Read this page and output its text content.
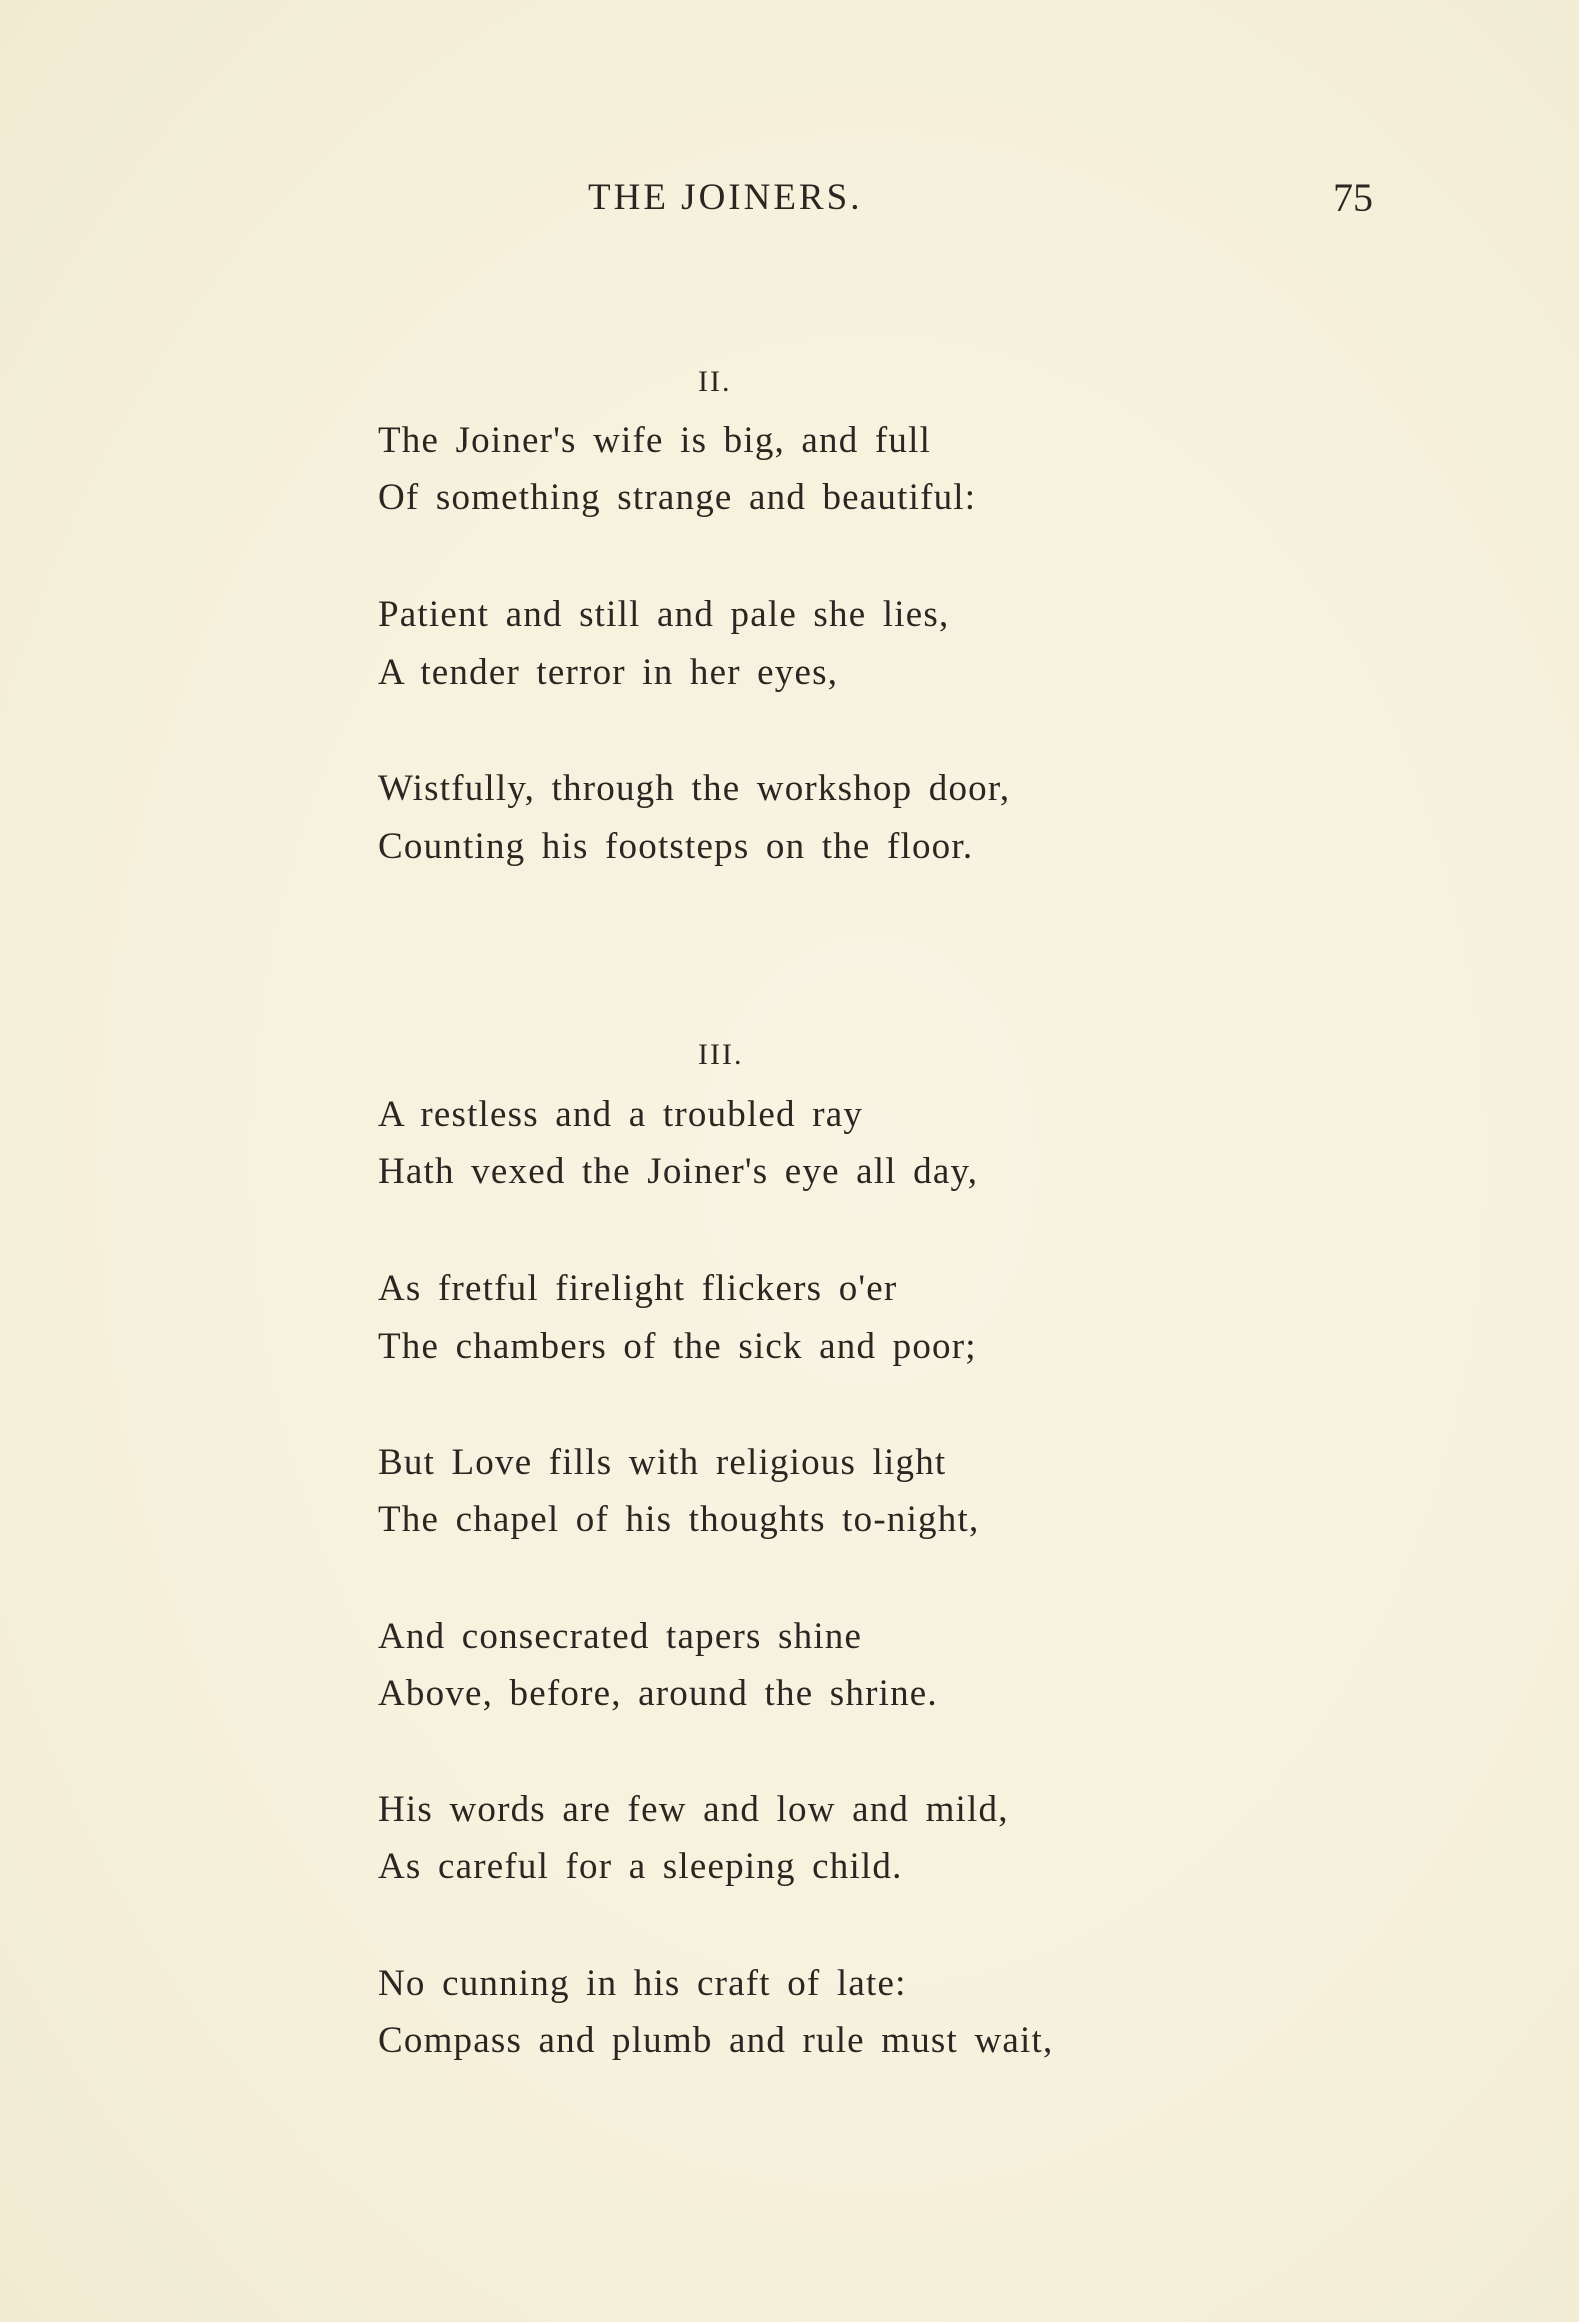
THE JOINERS.	75
II.
The Joiner's wife is big, and full
Of something strange and beautiful:
Patient and still and pale she lies,
A tender terror in her eyes,
Wistfully, through the workshop door,
Counting his footsteps on the floor.
III.
A restless and a troubled ray
Hath vexed the Joiner's eye all day,
As fretful firelight flickers o'er
The chambers of the sick and poor;
But Love fills with religious light
The chapel of his thoughts to-night,
And consecrated tapers shine
Above, before, around the shrine.
His words are few and low and mild,
As careful for a sleeping child.
No cunning in his craft of late:
Compass and plumb and rule must wait,
